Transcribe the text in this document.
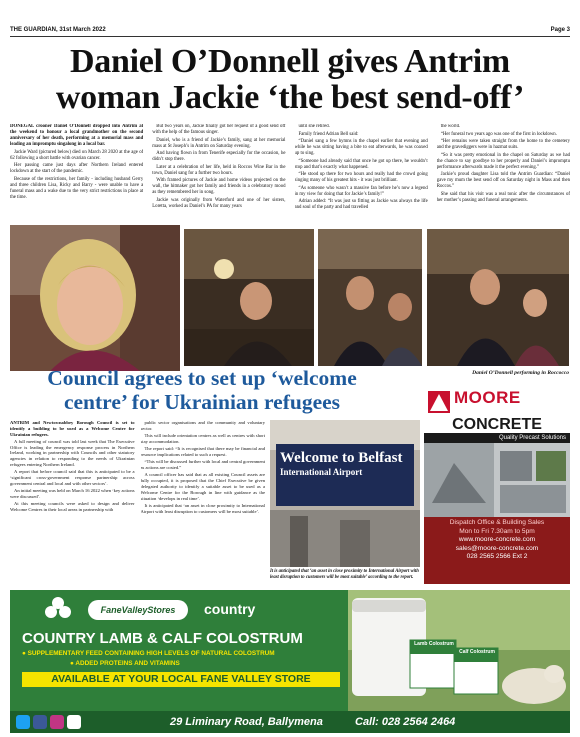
THE GUARDIAN, 31st March 2022	Page 3
Daniel O’Donnell gives Antrim
woman Jackie ‘the best send-off’

DONEGAL crooner Daniel O’Donnell dropped into Antrim at the weekend to honour a local grandmother on the second anniversary of her death, performing at a memorial mass and leading an impromptu singalong in a local bar.

Jackie Ward (pictured below) died on March 28 2020 at the age of 62 following a short battle with ovarian cancer.

Her passing came just days after Northern Ireland entered lockdown at the start of the pandemic.

Because of the restrictions, her family - including husband Gerry and three children Lisa, Ricky and Barry - were unable to have a funeral mass and a wake due to the very strict restrictions in place at the time.

But two years on, Jackie finally got her request of a good send off with the help of the famous singer.

Daniel, who is a friend of Jackie’s family, sang at her memorial mass at St Joseph’s in Antrim on Saturday evening.

And having flown in from Tenerife especially for the occasion, he didn’t stop there.

Later at a celebration of her life, held in Roccos Wine Bar in the town, Daniel sang for a further two hours.

With framed pictures of Jackie and home videos projected on the wall, the hitmaker got her family and friends in a celebratory mood as they remembered her in song.

Jackie was originally from Waterford and one of her sisters, Loretta, worked as Daniel’s PA for many years

until she retired.

Family friend Adrian Bell said:

“Daniel sang a few hymns in the chapel earlier that evening and while he was sitting having a bite to eat afterwards, he was coaxed up to sing.

“Someone had already said that once he got up there, he wouldn’t stop and that’s exactly what happened.

“He stood up there for two hours and really had the crowd going singing many of his greatest hits - it was just brilliant.

“As someone who wasn’t a massive fan before he’s now a legend in my view for doing that for Jackie’s family!”

Adrian added: “It was just so fitting as Jackie was always the life and soul of the party and had travelled

the world.

“Her funeral two years ago was one of the first in lockdown.

“Her remains were taken straight from the home to the cemetery and the gravediggers were in hazmat suits.

“So it was pretty emotional in the chapel on Saturday as we had the chance to say goodbye to her properly and Daniel’s impromptu performance afterwards made it the perfect evening.”

Jackie’s proud daughter Lisa told the Antrim Guardian: “Daniel gave my mum the best send off on Saturday night in Mass and then Roccos.”

She said that his visit was a real tonic after the circumstances of her mother’s passing and funeral arrangements.

Daniel O’Donnell performing in Roccocco
Council agrees to set up ‘welcome
centre’ for Ukrainian refugees

ANTRIM and Newtownabbey Borough Council is set to identify a building to be used as a Welcome Centre for Ukrainian refugees.

A full meeting of council was told last week that The Executive Office is leading the emergency response process in Northern Ireland, working in partnership with Councils and other statutory agencies in relation to responding to the needs of Ukrainian refugees entering Northern Ireland.

A report that before council said that this is anticipated to be a ‘significant cross-government response partnership across government central and local and with other sectors’.

An initial meeting was held on March 16 2022 when ‘key actions were discussed’.

At this meeting councils were asked to design and deliver Welcome Centres in their local areas in partnership with

public sector organisations and the community and voluntary sector.

This will include orientation centres as well as centres with short stay accommodation.

The report said: “It is recognised that there may be financial and resource implications related to such a request.

“This will be discussed further with local and central government as actions are costed.”

A council officer has said that as all existing Council assets are fully occupied, it is proposed that the Chief Executive be given delegated authority to identify a suitable asset to be used as a Welcome Centre for the Borough in line with guidance as the situation ‘develops in real time’.

It is anticipated that ‘an asset in close proximity to International Airport with least disruption to customers will be most suitable’.

Welcome to Belfast
International Airport
It is anticipated that ‘an asset in close proximity to International Airport with least disruption to customers will be most suitable’ according to the report.
MOORE
CONCRETE
Quality Precast Solutions
Dispatch Office & Building Sales
Mon to Fri 7.30am to 5pm
www.moore-concrete.com
sales@moore-concrete.com
028 2565 2566 Ext 2
FaneValleyStores	country
COUNTRY LAMB & CALF COLOSTRUM
● SUPPLEMENTARY FEED CONTAINING HIGH LEVELS OF NATURAL COLOSTRUM
● ADDED PROTEINS AND VITAMINS
AVAILABLE AT YOUR LOCAL FANE VALLEY STORE
Lamb Colostrum
Calf Colostrum
29 Liminary Road, Ballymena	Call: 028 2564 2464
